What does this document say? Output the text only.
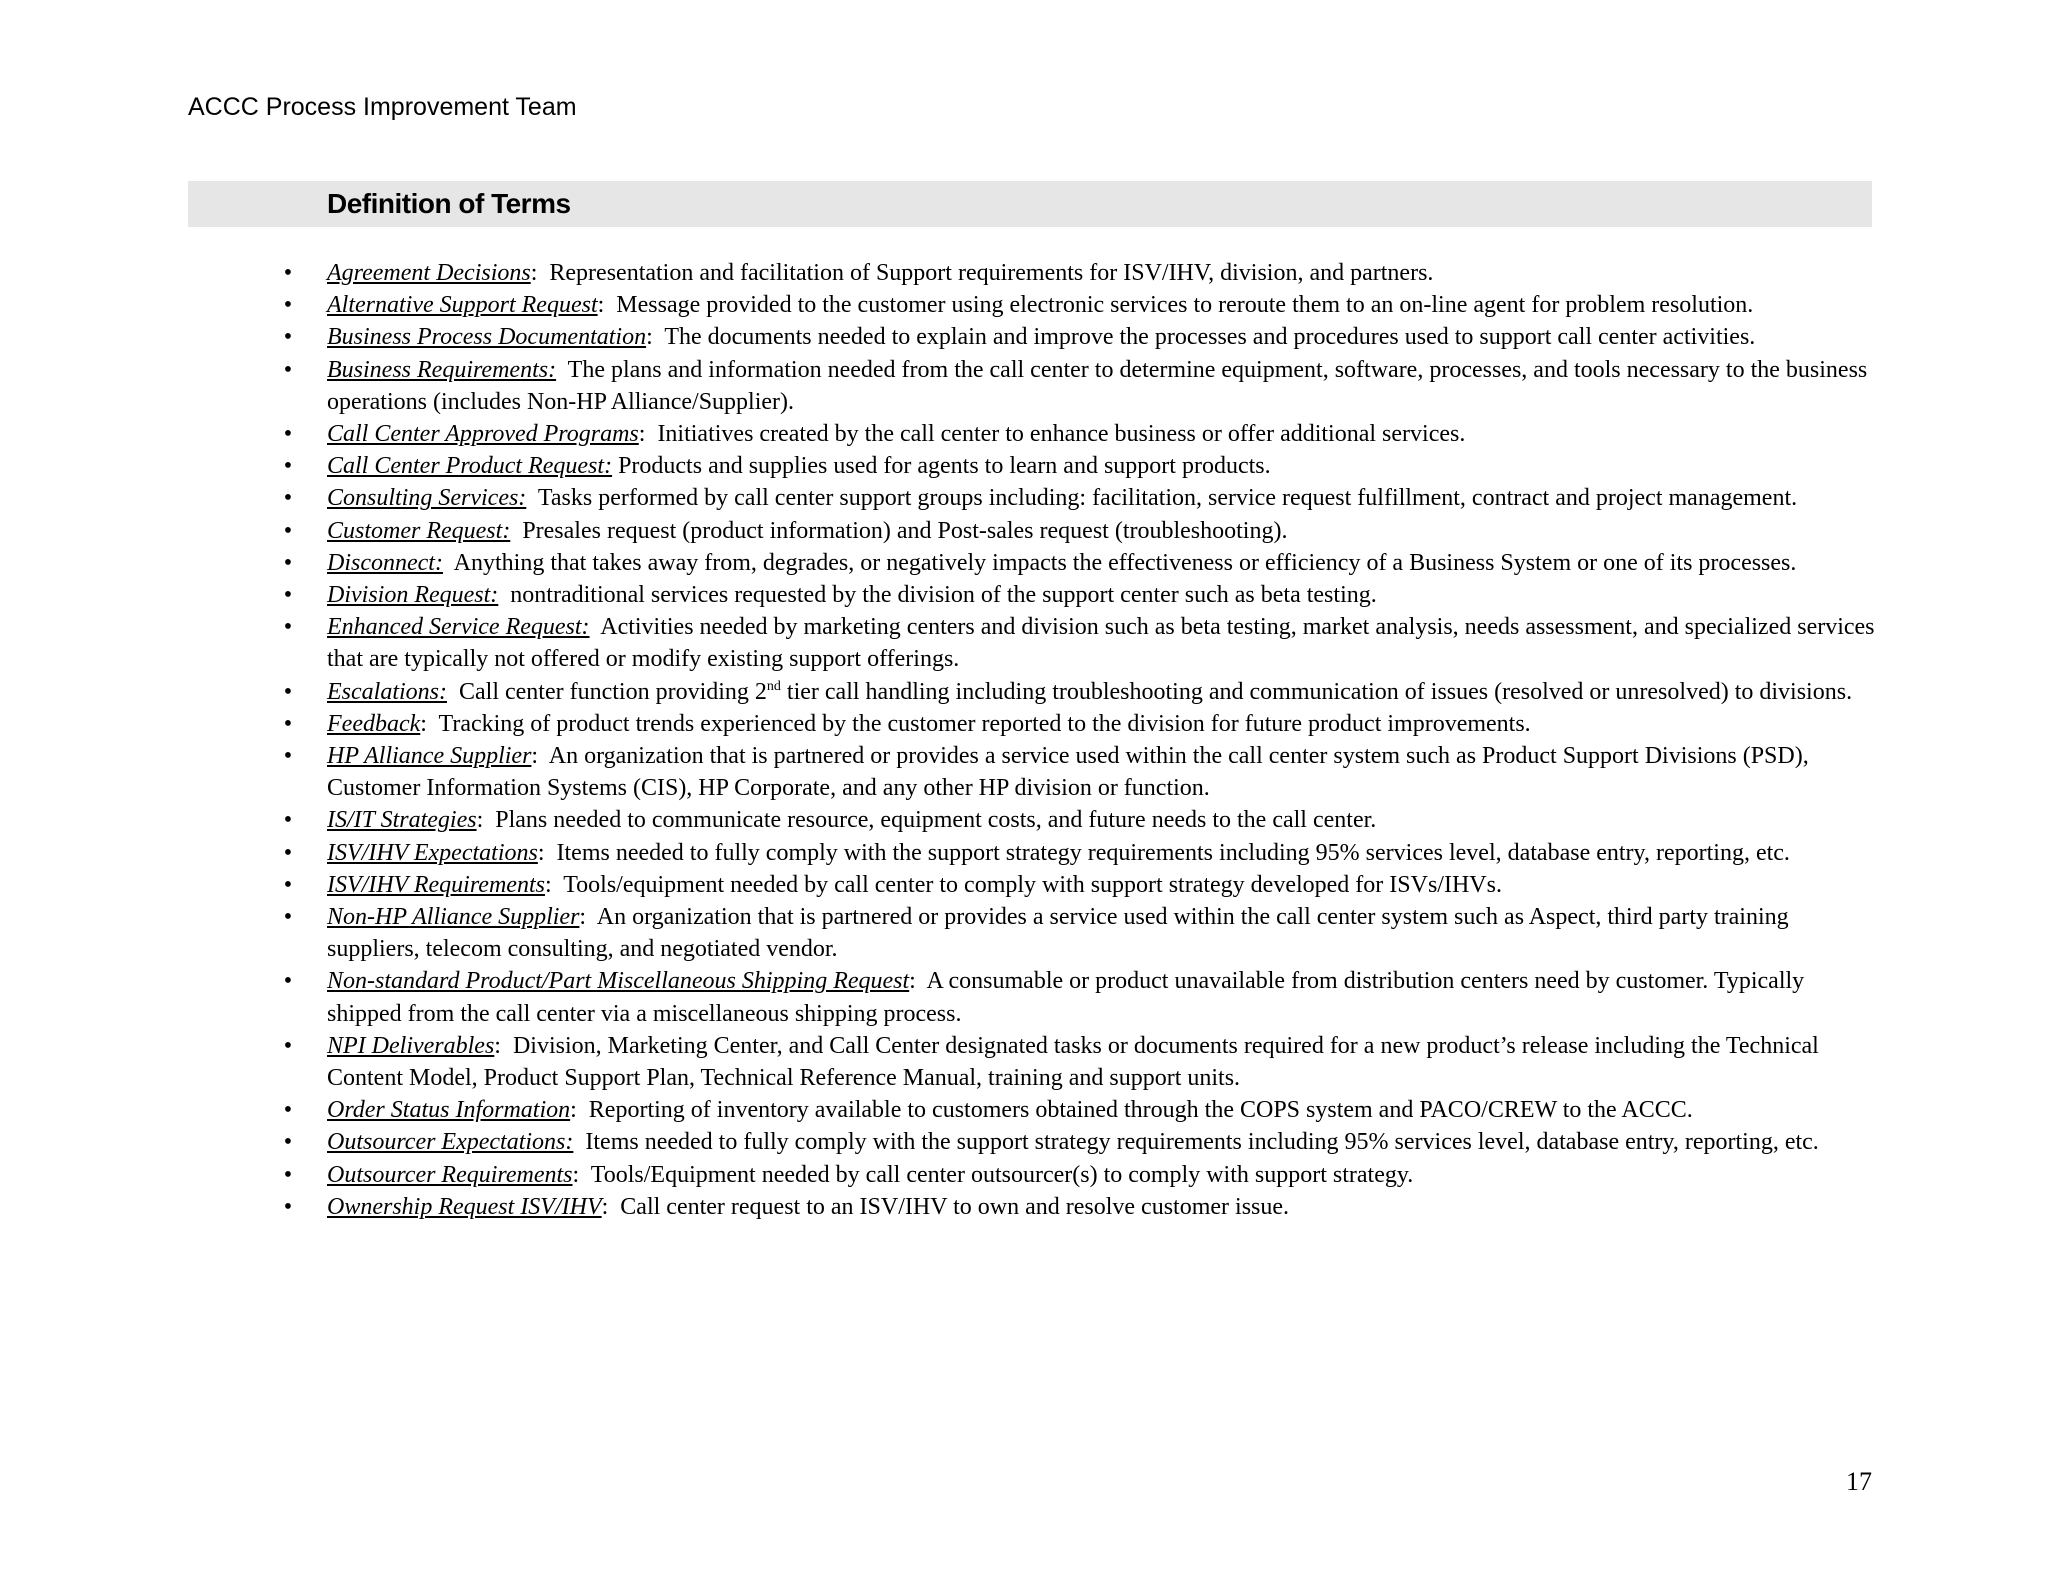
ACCC Process Improvement Team
Definition of Terms
• Agreement Decisions:  Representation and facilitation of Support requirements for ISV/IHV, division, and partners.
• Alternative Support Request:  Message provided to the customer using electronic services to reroute them to an on-line agent for problem resolution.
• Business Process Documentation:  The documents needed to explain and improve the processes and procedures used to support call center activities.
• Business Requirements: The plans and information needed from the call center to determine equipment, software, processes, and tools necessary to the business operations (includes Non-HP Alliance/Supplier).
• Call Center Approved Programs:  Initiatives created by the call center to enhance business or offer additional services.
• Call Center Product Request: Products and supplies used for agents to learn and support products.
• Consulting Services: Tasks performed by call center support groups including: facilitation, service request fulfillment, contract and project management.
• Customer Request: Presales request (product information) and Post-sales request (troubleshooting).
• Disconnect: Anything that takes away from, degrades, or negatively impacts the effectiveness or efficiency of a Business System or one of its processes.
• Division Request: nontraditional services requested by the division of the support center such as beta testing.
• Enhanced Service Request: Activities needed by marketing centers and division such as beta testing, market analysis, needs assessment, and specialized services that are typically not offered or modify existing support offerings.
• Escalations: Call center function providing 2nd tier call handling including troubleshooting and communication of issues (resolved or unresolved) to divisions.
• Feedback:  Tracking of product trends experienced by the customer reported to the division for future product improvements.
• HP Alliance Supplier:  An organization that is partnered or provides a service used within the call center system such as Product Support Divisions (PSD), Customer Information Systems (CIS), HP Corporate, and any other HP division or function.
• IS/IT Strategies:  Plans needed to communicate resource, equipment costs, and future needs to the call center.
• ISV/IHV Expectations:  Items needed to fully comply with the support strategy requirements including 95% services level, database entry, reporting, etc.
• ISV/IHV Requirements:  Tools/equipment needed by call center to comply with support strategy developed for ISVs/IHVs.
• Non-HP Alliance Supplier:  An organization that is partnered or provides a service used within the call center system such as Aspect, third party training suppliers, telecom consulting, and negotiated vendor.
• Non-standard Product/Part Miscellaneous Shipping Request:  A consumable or product unavailable from distribution centers need by customer. Typically shipped from the call center via a miscellaneous shipping process.
• NPI Deliverables:  Division, Marketing Center, and Call Center designated tasks or documents required for a new product’s release including the Technical Content Model, Product Support Plan, Technical Reference Manual, training and support units.
• Order Status Information:  Reporting of inventory available to customers obtained through the COPS system and PACO/CREW to the ACCC.
• Outsourcer Expectations: Items needed to fully comply with the support strategy requirements including 95% services level, database entry, reporting, etc.
• Outsourcer Requirements:  Tools/Equipment needed by call center outsourcer(s) to comply with support strategy.
• Ownership Request ISV/IHV:  Call center request to an ISV/IHV to own and resolve customer issue.
17
